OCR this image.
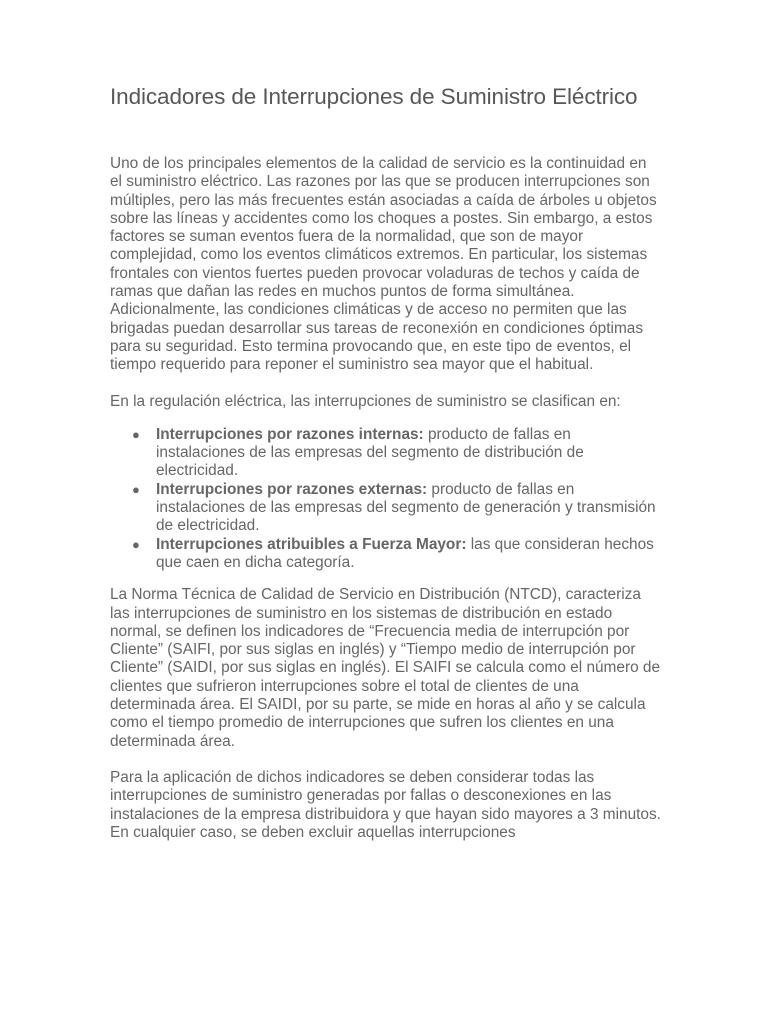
Indicadores de Interrupciones de Suministro Eléctrico

Uno de los principales elementos de la calidad de servicio es la continuidad en el suministro eléctrico. Las razones por las que se producen interrupciones son múltiples, pero las más frecuentes están asociadas a caída de árboles u objetos sobre las líneas y accidentes como los choques a postes. Sin embargo, a estos factores se suman eventos fuera de la normalidad, que son de mayor complejidad, como los eventos climáticos extremos. En particular, los sistemas frontales con vientos fuertes pueden provocar voladuras de techos y caída de ramas que dañan las redes en muchos puntos de forma simultánea. Adicionalmente, las condiciones climáticas y de acceso no permiten que las brigadas puedan desarrollar sus tareas de reconexión en condiciones óptimas para su seguridad. Esto termina provocando que, en este tipo de eventos, el tiempo requerido para reponer el suministro sea mayor que el habitual.

En la regulación eléctrica, las interrupciones de suministro se clasifican en:

● Interrupciones por razones internas: producto de fallas en instalaciones de las empresas del segmento de distribución de electricidad.
● Interrupciones por razones externas: producto de fallas en instalaciones de las empresas del segmento de generación y transmisión de electricidad.
● Interrupciones atribuibles a Fuerza Mayor: las que consideran hechos que caen en dicha categoría.

La Norma Técnica de Calidad de Servicio en Distribución (NTCD), caracteriza las interrupciones de suministro en los sistemas de distribución en estado normal, se definen los indicadores de “Frecuencia media de interrupción por Cliente” (SAIFI, por sus siglas en inglés) y “Tiempo medio de interrupción por Cliente” (SAIDI, por sus siglas en inglés). El SAIFI se calcula como el número de clientes que sufrieron interrupciones sobre el total de clientes de una determinada área. El SAIDI, por su parte, se mide en horas al año y se calcula como el tiempo promedio de interrupciones que sufren los clientes en una determinada área.

Para la aplicación de dichos indicadores se deben considerar todas las interrupciones de suministro generadas por fallas o desconexiones en las instalaciones de la empresa distribuidora y que hayan sido mayores a 3 minutos. En cualquier caso, se deben excluir aquellas interrupciones
